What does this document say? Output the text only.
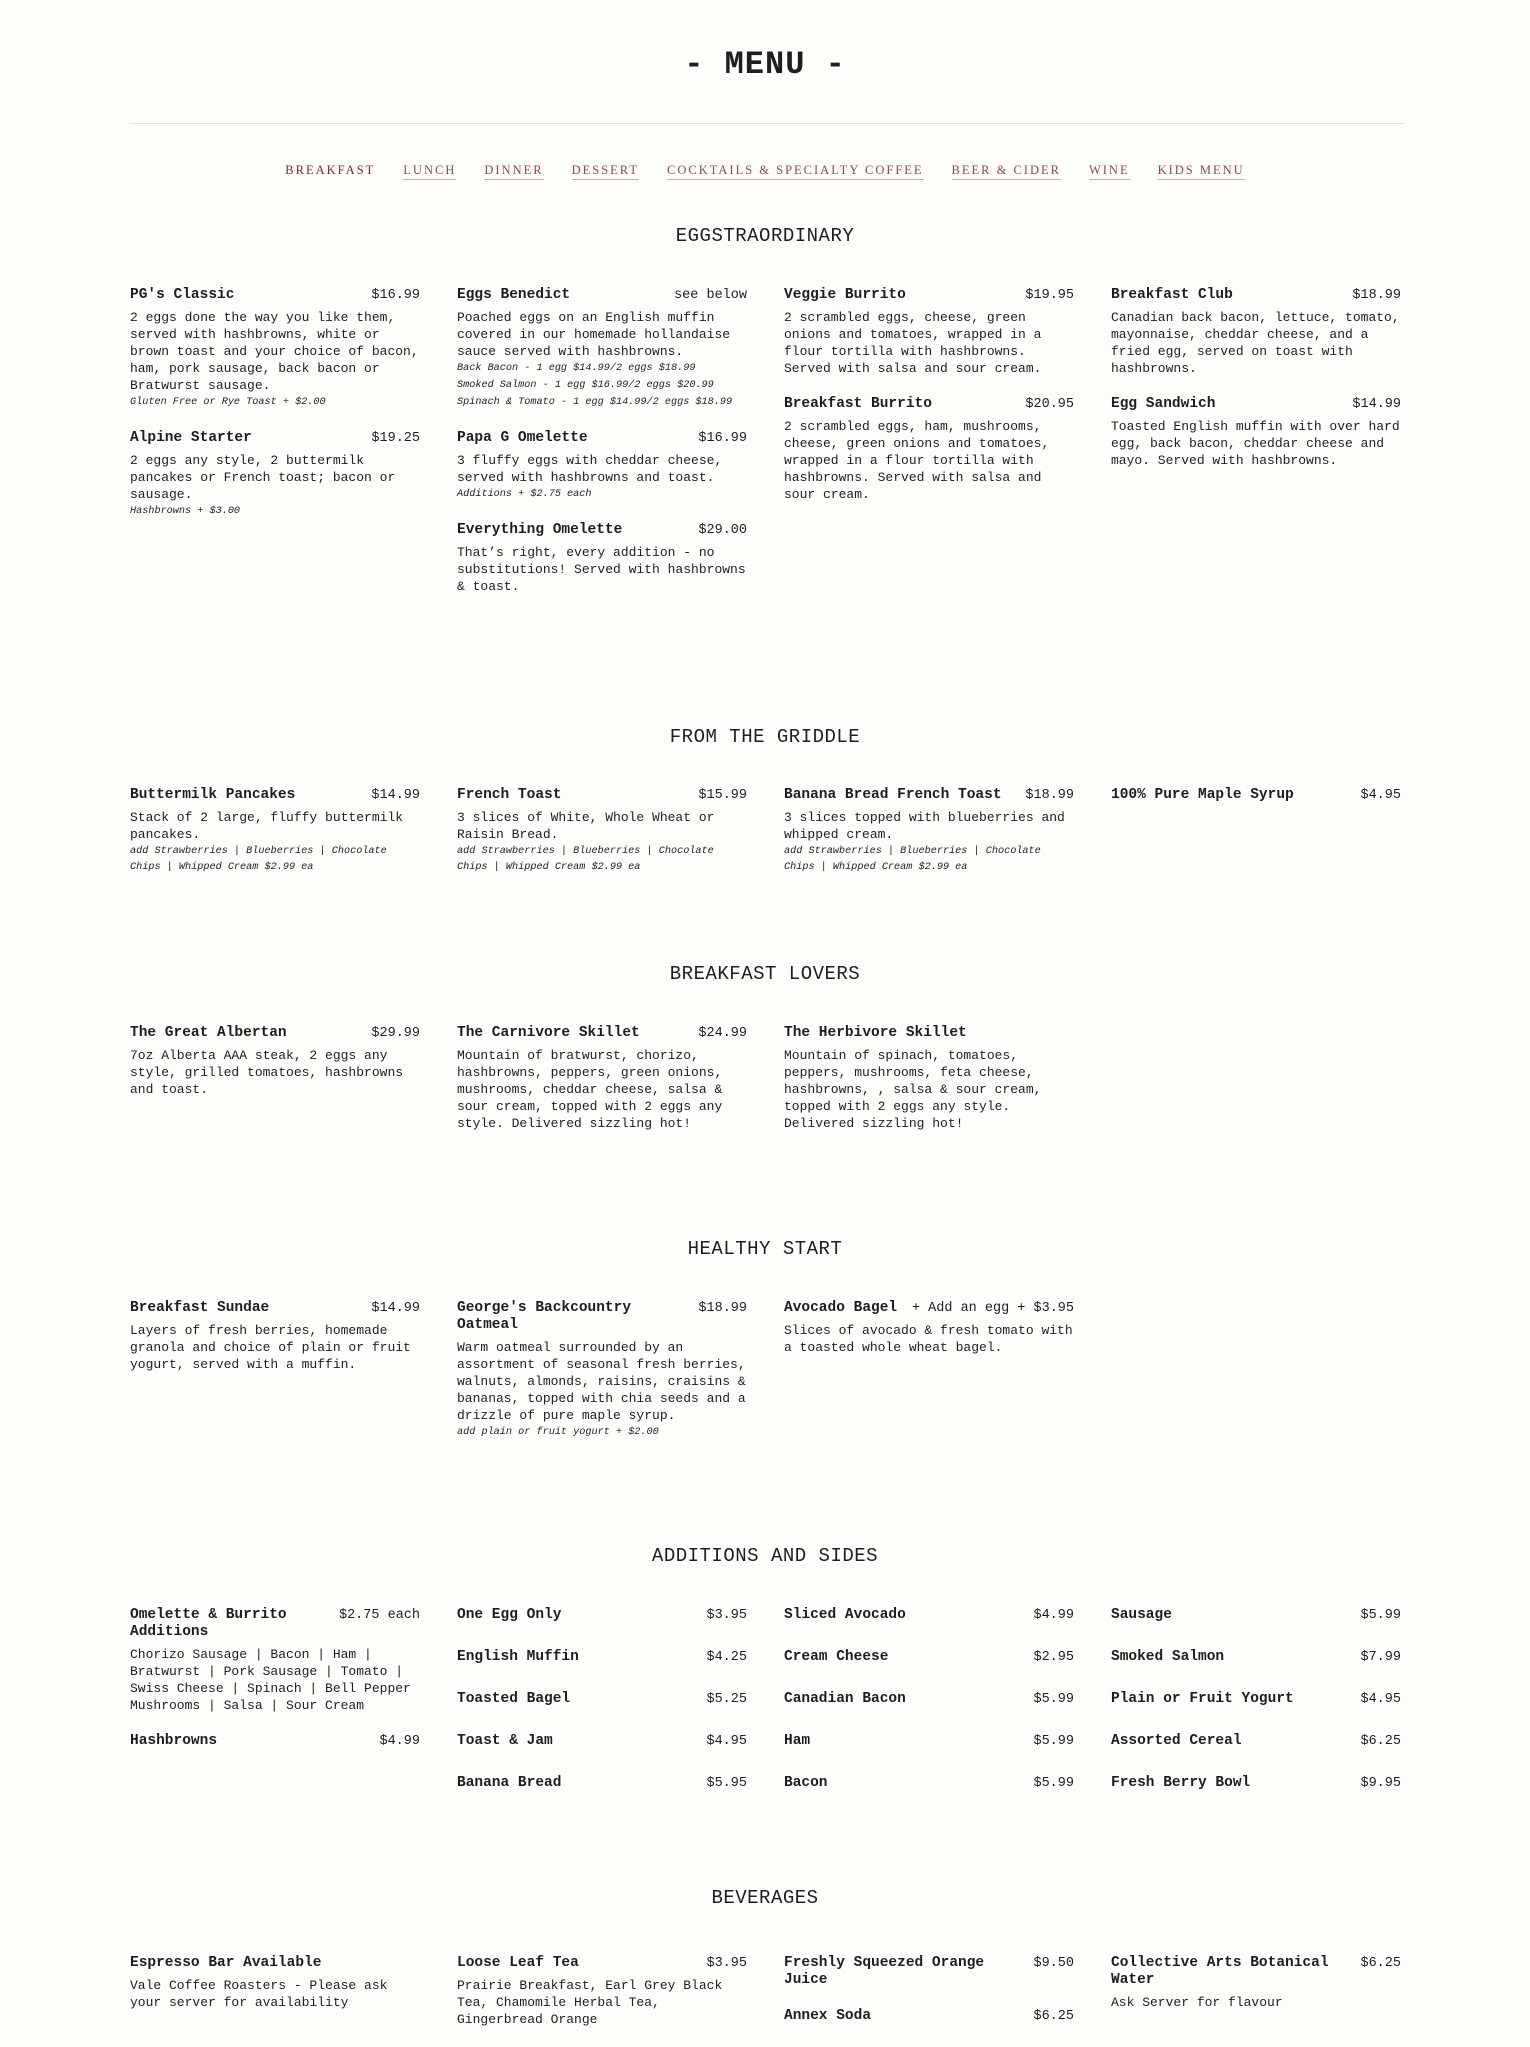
- MENU -
BREAKFAST LUNCH DINNER DESSERT COCKTAILS & SPECIALTY COFFEE BEER & CIDER WINE KIDS MENU
EGGSTRAORDINARY
PG's Classic	$16.99
2 eggs done the way you like them, served with hashbrowns, white or brown toast and your choice of bacon, ham, pork sausage, back bacon or Bratwurst sausage.
Gluten Free or Rye Toast + $2.00
Alpine Starter	$19.25
2 eggs any style, 2 buttermilk pancakes or French toast; bacon or sausage.
Hashbrowns + $3.00
Eggs Benedict	see below
Poached eggs on an English muffin covered in our homemade hollandaise sauce served with hashbrowns.
Back Bacon - 1 egg $14.99/2 eggs $18.99
Smoked Salmon - 1 egg $16.99/2 eggs $20.99
Spinach & Tomato - 1 egg $14.99/2 eggs $18.99
Papa G Omelette	$16.99
3 fluffy eggs with cheddar cheese, served with hashbrowns and toast.
Additions + $2.75 each
Everything Omelette	$29.00
That’s right, every addition - no substitutions! Served with hashbrowns & toast.
Veggie Burrito	$19.95
2 scrambled eggs, cheese, green onions and tomatoes, wrapped in a flour tortilla with hashbrowns. Served with salsa and sour cream.
Breakfast Burrito	$20.95
2 scrambled eggs, ham, mushrooms, cheese, green onions and tomatoes, wrapped in a flour tortilla with hashbrowns. Served with salsa and sour cream.
Breakfast Club	$18.99
Canadian back bacon, lettuce, tomato, mayonnaise, cheddar cheese, and a fried egg, served on toast with hashbrowns.
Egg Sandwich	$14.99
Toasted English muffin with over hard egg, back bacon, cheddar cheese and mayo. Served with hashbrowns.
FROM THE GRIDDLE
Buttermilk Pancakes	$14.99
Stack of 2 large, fluffy buttermilk pancakes.
add Strawberries | Blueberries | Chocolate Chips | Whipped Cream $2.99 ea
French Toast	$15.99
3 slices of White, Whole Wheat or Raisin Bread.
add Strawberries | Blueberries | Chocolate Chips | Whipped Cream $2.99 ea
Banana Bread French Toast $18.99
3 slices topped with blueberries and whipped cream.
add Strawberries | Blueberries | Chocolate Chips | Whipped Cream $2.99 ea
100% Pure Maple Syrup	$4.95
BREAKFAST LOVERS
The Great Albertan	$29.99
7oz Alberta AAA steak, 2 eggs any style, grilled tomatoes, hashbrowns and toast.
The Carnivore Skillet	$24.99
Mountain of bratwurst, chorizo, hashbrowns, peppers, green onions, mushrooms, cheddar cheese, salsa & sour cream, topped with 2 eggs any style. Delivered sizzling hot!
The Herbivore Skillet
Mountain of spinach, tomatoes, peppers, mushrooms, feta cheese, hashbrowns, , salsa & sour cream, topped with 2 eggs any style. Delivered sizzling hot!
HEALTHY START
Breakfast Sundae	$14.99
Layers of fresh berries, homemade granola and choice of plain or fruit yogurt, served with a muffin.
George's Backcountry Oatmeal
$18.99
Warm oatmeal surrounded by an assortment of seasonal fresh berries, walnuts, almonds, raisins, craisins & bananas, topped with chia seeds and a drizzle of pure maple syrup.
add plain or fruit yogurt + $2.00
Avocado Bagel + Add an egg + $3.95
Slices of avocado & fresh tomato with a toasted whole wheat bagel.
ADDITIONS AND SIDES
Omelette & Burrito Additions
$2.75 each
Chorizo Sausage | Bacon | Ham | Bratwurst | Pork Sausage | Tomato | Swiss Cheese | Spinach | Bell Pepper Mushrooms | Salsa | Sour Cream
Hashbrowns	$4.99
One Egg Only	$3.95
English Muffin	$4.25
Toasted Bagel	$5.25
Toast & Jam	$4.95
Banana Bread	$5.95
Sliced Avocado	$4.99
Cream Cheese	$2.95
Canadian Bacon	$5.99
Ham	$5.99
Bacon	$5.99
Sausage	$5.99
Smoked Salmon	$7.99
Plain or Fruit Yogurt	$4.95
Assorted Cereal	$6.25
Fresh Berry Bowl	$9.95
BEVERAGES
Espresso Bar Available
Vale Coffee Roasters - Please ask your server for availability
Loose Leaf Tea	$3.95
Prairie Breakfast, Earl Grey Black Tea, Chamomile Herbal Tea, Gingerbread Orange
Freshly Squeezed Orange Juice
$9.50
Annex Soda	$6.25
Collective Arts Botanical Water
$6.25
Ask Server for flavour
